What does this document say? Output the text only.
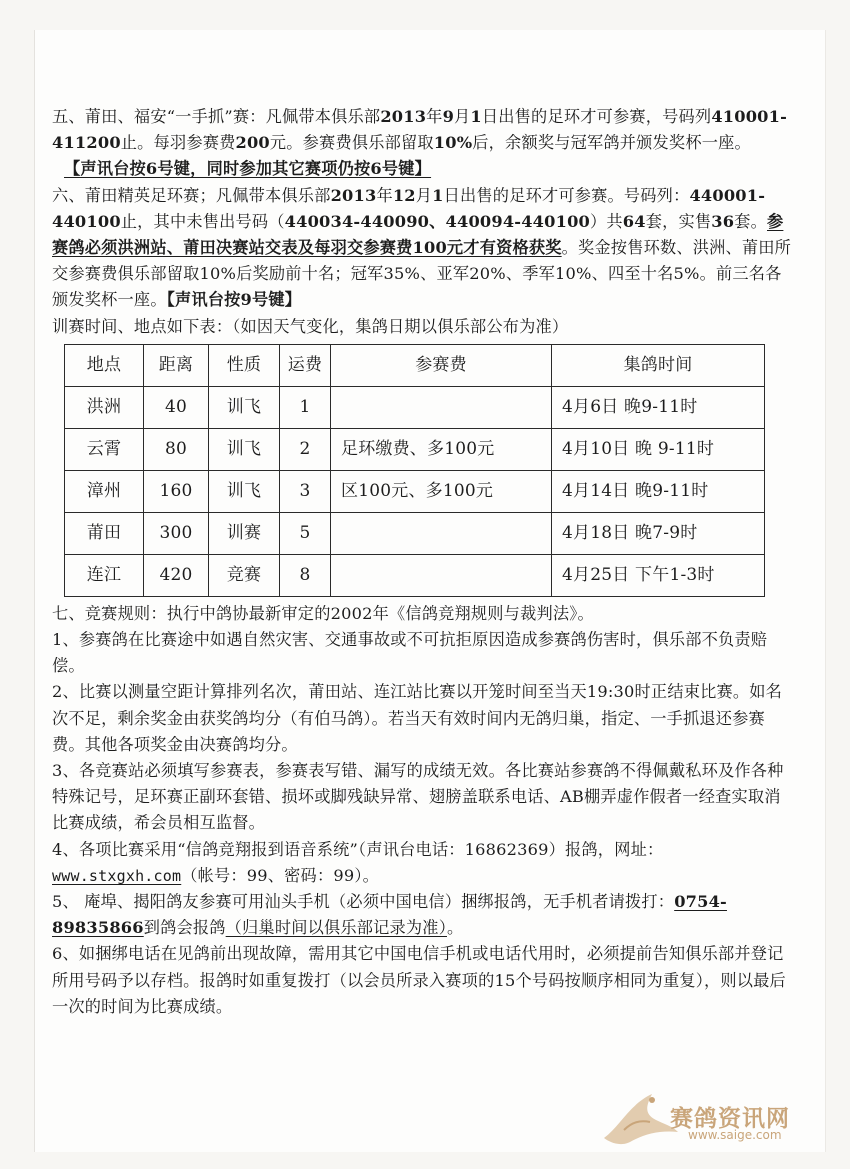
五、莆田、福安“一手抓”赛：凡佩带本俱乐部2013年9月1日出售的足环才可参赛，号码列410001-411200止。每羽参赛费200元。参赛费俱乐部留取10%后，余额奖与冠军鸽并颁发奖杯一座。

【声讯台按6号键，同时参加其它赛项仍按6号键】

六、莆田精英足环赛；凡佩带本俱乐部2013年12月1日出售的足环才可参赛。号码列：440001-440100止，其中未售出号码（440034-440090、440094-440100）共64套，实售36套。参赛鸽必须洪洲站、莆田决赛站交表及每羽交参赛费100元才有资格获奖。奖金按售环数、洪洲、莆田所交参赛费俱乐部留取10%后奖励前十名；冠军35%、亚军20%、季军10%、四至十名5%。前三名各颁发奖杯一座。【声讯台按9号键】

训赛时间、地点如下表：（如因天气变化，集鸽日期以俱乐部公布为准）

地点	距离	性质	运费	参赛费	集鸽时间
洪洲	40	训飞	1		4月6日 晚9-11时
云霄	80	训飞	2	足环缴费、多100元	4月10日 晚 9-11时
漳州	160	训飞	3	区100元、多100元	4月14日 晚9-11时
莆田	300	训赛	5		4月18日 晚7-9时
连江	420	竞赛	8		4月25日 下午1-3时

七、竞赛规则：执行中鸽协最新审定的2002年《信鸽竞翔规则与裁判法》。

1、参赛鸽在比赛途中如遇自然灾害、交通事故或不可抗拒原因造成参赛鸽伤害时，俱乐部不负责赔偿。

2、比赛以测量空距计算排列名次，莆田站、连江站比赛以开笼时间至当天19:30时正结束比赛。如名次不足，剩余奖金由获奖鸽均分（有伯马鸽）。若当天有效时间内无鸽归巢，指定、一手抓退还参赛费。其他各项奖金由决赛鸽均分。

3、各竞赛站必须填写参赛表，参赛表写错、漏写的成绩无效。各比赛站参赛鸽不得佩戴私环及作各种特殊记号，足环赛正副环套错、损坏或脚残缺异常、翅膀盖联系电话、AB棚弄虚作假者一经查实取消比赛成绩，希会员相互监督。

4、各项比赛采用“信鸽竞翔报到语音系统”（声讯台电话：16862369）报鸽，网址：www.stxgxh.com（帐号：99、密码：99）。

5、 庵埠、揭阳鸽友参赛可用汕头手机（必须中国电信）捆绑报鸽，无手机者请拨打：0754-89835866到鸽会报鸽（归巢时间以俱乐部记录为准）。

6、如捆绑电话在见鸽前出现故障，需用其它中国电信手机或电话代用时，必须提前告知俱乐部并登记所用号码予以存档。报鸽时如重复拨打（以会员所录入赛项的15个号码按顺序相同为重复），则以最后一次的时间为比赛成绩。

赛鸽资讯网
www.saige.com
